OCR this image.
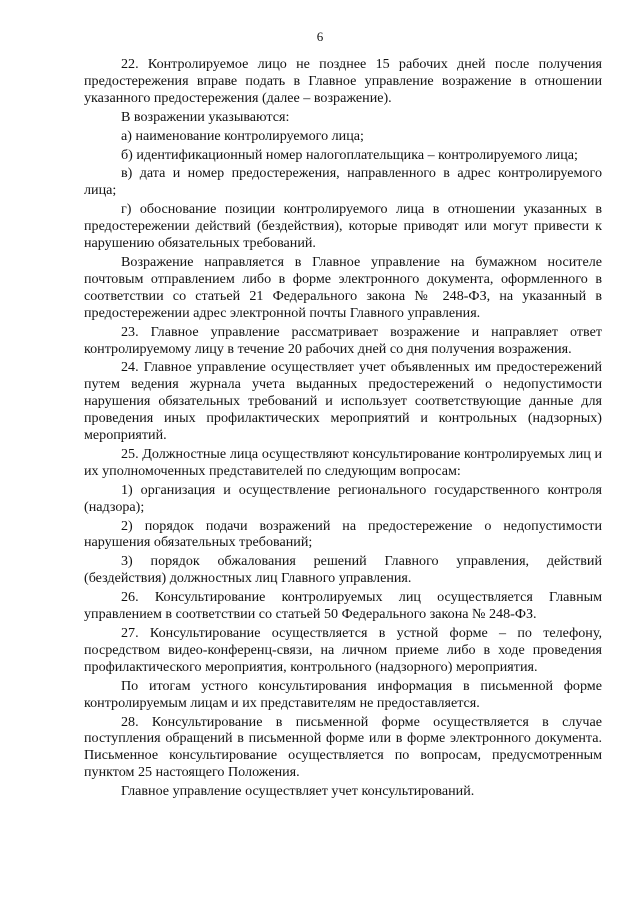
6

22. Контролируемое лицо не позднее 15 рабочих дней после получения предостережения вправе подать в Главное управление возражение в отношении указанного предостережения (далее – возражение).

В возражении указываются:

а) наименование контролируемого лица;

б) идентификационный номер налогоплательщика – контролируемого лица;

в) дата и номер предостережения, направленного в адрес контролируемого лица;

г) обоснование позиции контролируемого лица в отношении указанных в предостережении действий (бездействия), которые приводят или могут привести к нарушению обязательных требований.

Возражение направляется в Главное управление на бумажном носителе почтовым отправлением либо в форме электронного документа, оформленного в соответствии со статьей 21 Федерального закона № 248-ФЗ, на указанный в предостережении адрес электронной почты Главного управления.

23. Главное управление рассматривает возражение и направляет ответ контролируемому лицу в течение 20 рабочих дней со дня получения возражения.

24. Главное управление осуществляет учет объявленных им предостережений путем ведения журнала учета выданных предостережений о недопустимости нарушения обязательных требований и использует соответствующие данные для проведения иных профилактических мероприятий и контрольных (надзорных) мероприятий.

25. Должностные лица осуществляют консультирование контролируемых лиц и их уполномоченных представителей по следующим вопросам:

1) организация и осуществление регионального государственного контроля (надзора);

2) порядок подачи возражений на предостережение о недопустимости нарушения обязательных требований;

3) порядок обжалования решений Главного управления, действий (бездействия) должностных лиц Главного управления.

26. Консультирование контролируемых лиц осуществляется Главным управлением в соответствии со статьей 50 Федерального закона № 248-ФЗ.

27. Консультирование осуществляется в устной форме – по телефону, посредством видео-конференц-связи, на личном приеме либо в ходе проведения профилактического мероприятия, контрольного (надзорного) мероприятия.

По итогам устного консультирования информация в письменной форме контролируемым лицам и их представителям не предоставляется.

28. Консультирование в письменной форме осуществляется в случае поступления обращений в письменной форме или в форме электронного документа. Письменное консультирование осуществляется по вопросам, предусмотренным пунктом 25 настоящего Положения.

Главное управление осуществляет учет консультирований.
